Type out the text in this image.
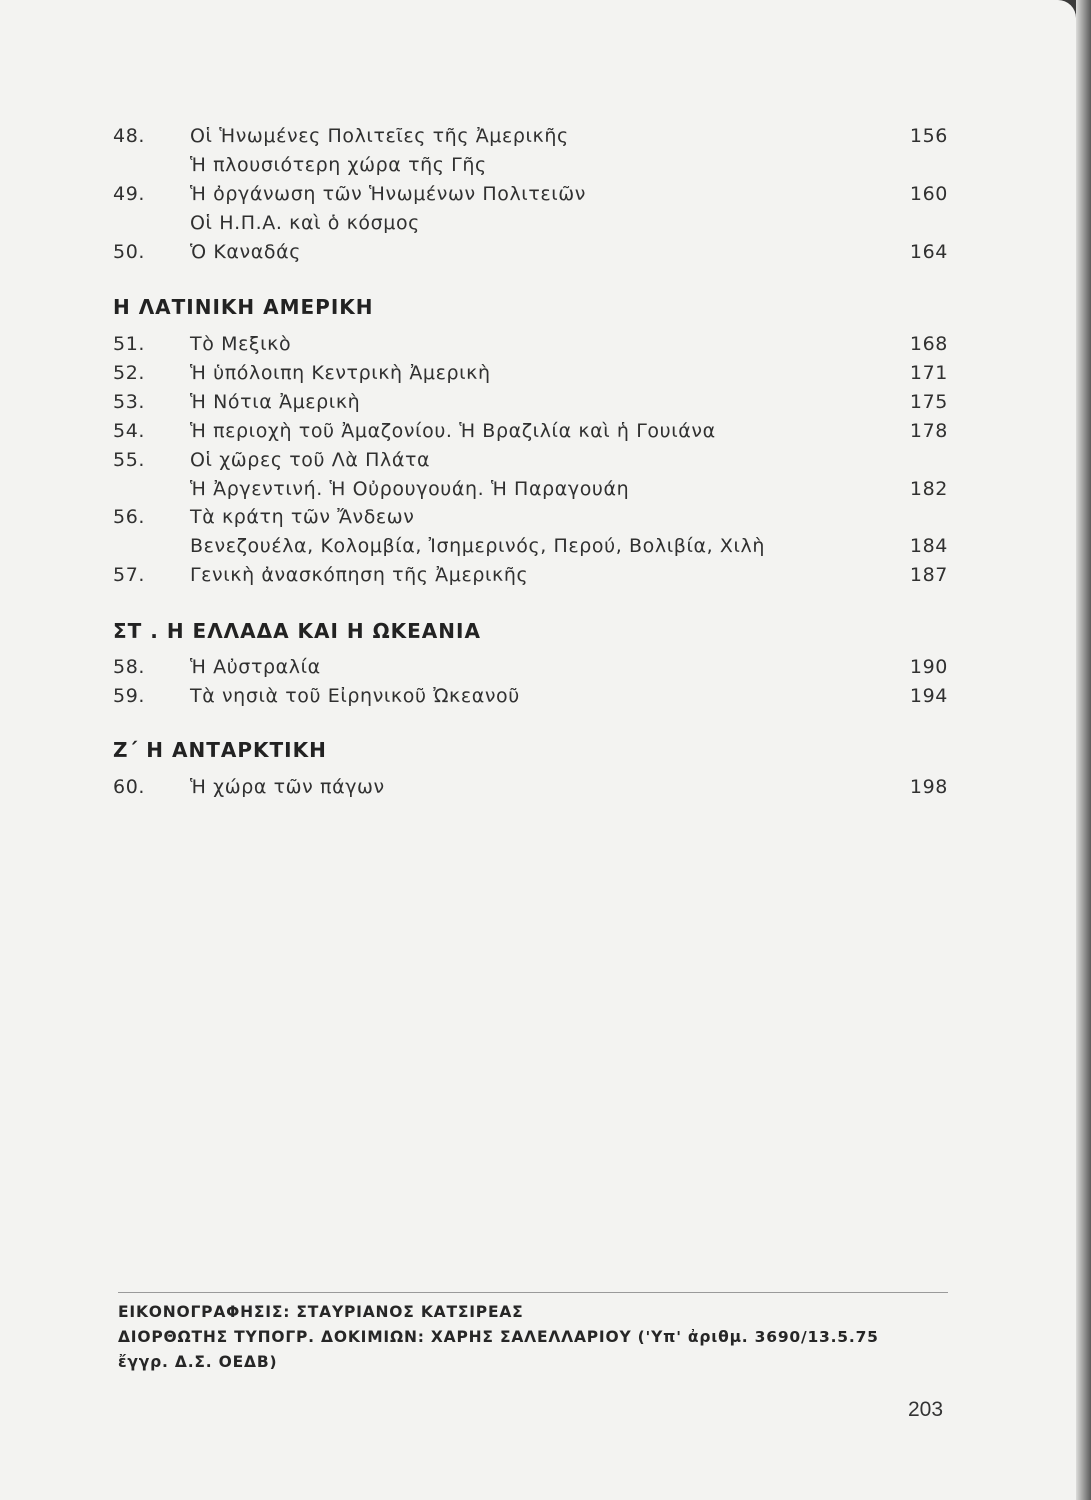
48. Οἱ Ἡνωμένες Πολιτεῖες τῆς Ἀμερικῆς	156
Ἡ πλουσιότερη χώρα τῆς Γῆς
49. Ἡ ὀργάνωση τῶν Ἡνωμένων Πολιτειῶν	160
Οἱ Η.Π.Α. καὶ ὁ κόσμος
50. Ὁ Καναδάς	164
Η ΛΑΤΙΝΙΚΗ ΑΜΕΡΙΚΗ
51. Τὸ Μεξικὸ	168
52. Ἡ ὑπόλοιπη Κεντρικὴ Ἀμερικὴ	171
53. Ἡ Νότια Ἀμερικὴ	175
54. Ἡ περιοχὴ τοῦ Ἀμαζονίου. Ἡ Βραζιλία καὶ ἡ Γουιάνα	178
55. Οἱ χῶρες τοῦ Λὰ Πλάτα
Ἡ Ἀργεντινή. Ἡ Οὐρουγουάη. Ἡ Παραγουάη	182
56. Τὰ κράτη τῶν Ἄνδεων
Βενεζουέλα, Κολομβία, Ἰσημερινός, Περού, Βολιβία, Χιλὴ	184
57. Γενικὴ ἀνασκόπηση τῆς Ἀμερικῆς	187
ΣΤ . Η ΕΛΛΑΔΑ ΚΑΙ Η ΩΚΕΑΝΙΑ
58. Ἡ Αὐστραλία	190
59. Τὰ νησιὰ τοῦ Εἰρηνικοῦ Ὠκεανοῦ	194
Ζ΄ Η ΑΝΤΑΡΚΤΙΚΗ
60. Ἡ χώρα τῶν πάγων	198
ΕΙΚΟΝΟΓΡΑΦΗΣΙΣ: ΣΤΑΥΡΙΑΝΟΣ ΚΑΤΣΙΡΕΑΣ
ΔΙΟΡΘΩΤΗΣ ΤΥΠΟΓΡ. ΔΟΚΙΜΙΩΝ: ΧΑΡΗΣ ΣΑΛΕΛΛΑΡΙΟΥ ('Υπ' ἀριθμ. 3690/13.5.75
ἔγγρ. Δ.Σ. ΟΕΔΒ)
203
